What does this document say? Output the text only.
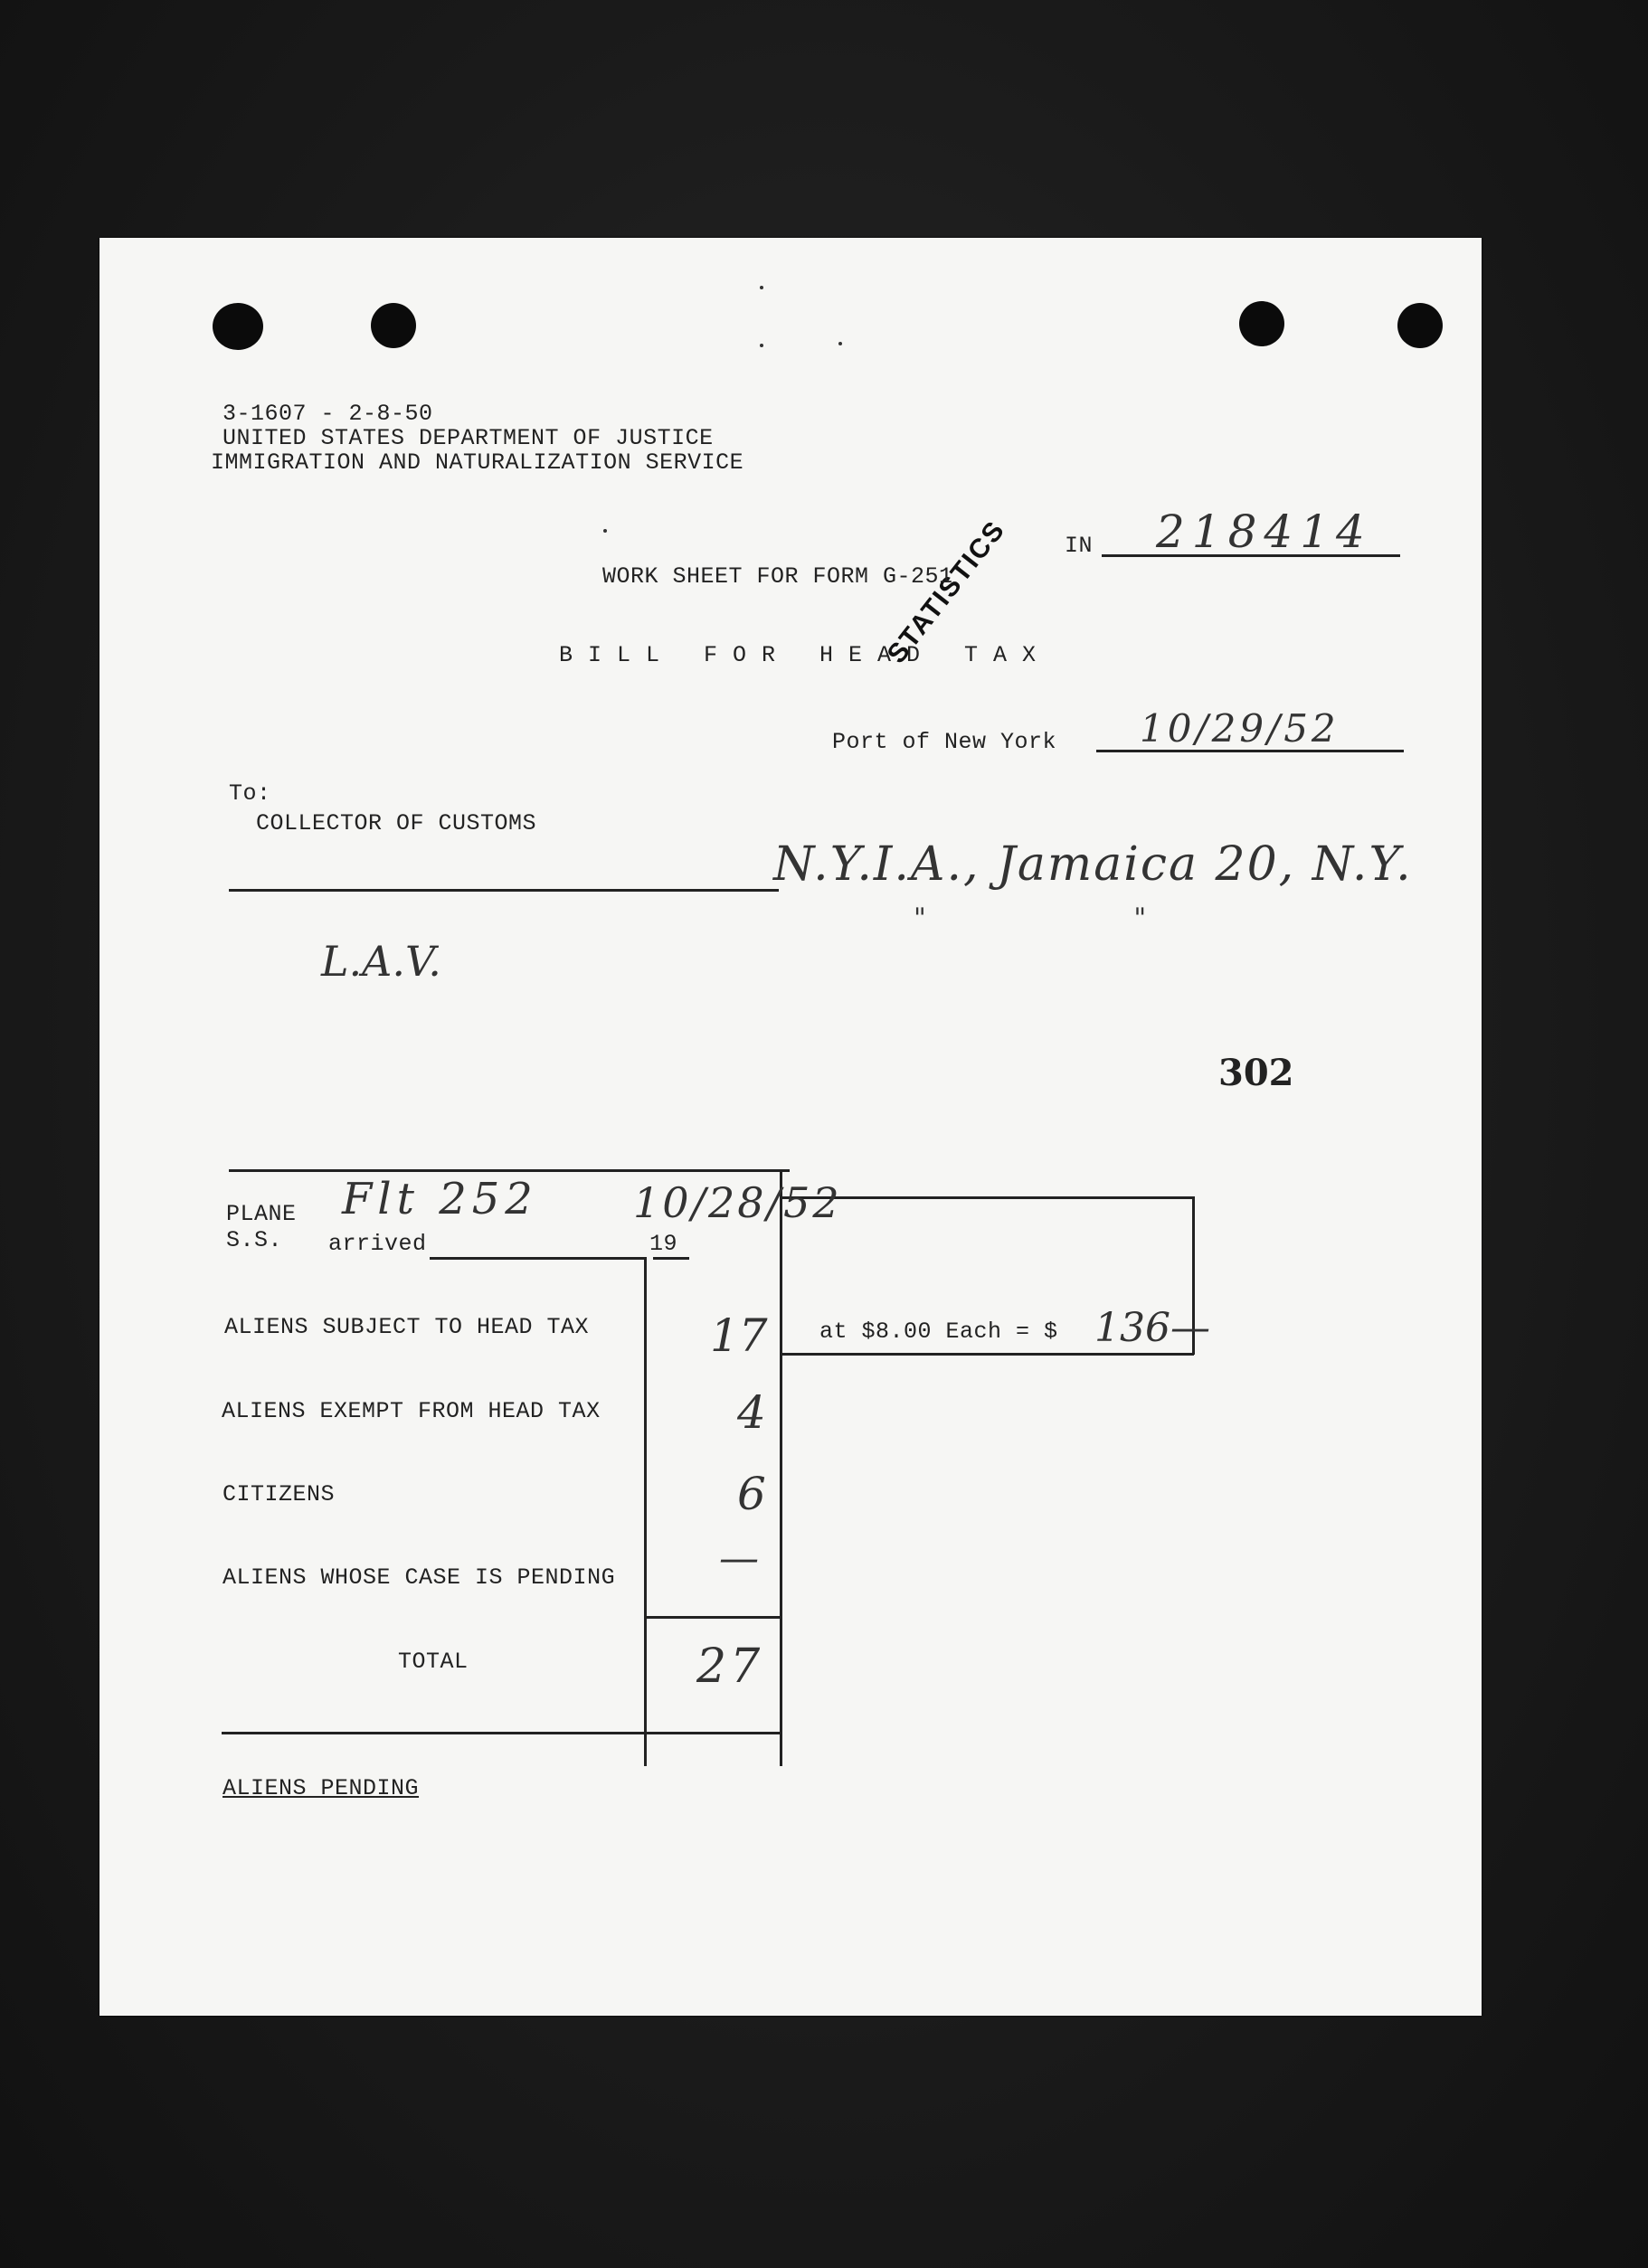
3-1607 - 2-8-50
UNITED STATES DEPARTMENT OF JUSTICE
IMMIGRATION AND NATURALIZATION SERVICE
STATISTICS IN 218414
WORK SHEET FOR FORM G-251
BILL FOR HEAD TAX
Port of New York 10/29/52
To:
COLLECTOR OF CUSTOMS
N.Y.I.A., Jamaica 20, N.Y.
" "
L.A.V.
302
PLANE
S.S. arrived	19
Flt 252 10/28/52
ALIENS SUBJECT TO HEAD TAX	17
ALIENS EXEMPT FROM HEAD TAX	4
CITIZENS	6
ALIENS WHOSE CASE IS PENDING	—
TOTAL	27
at $8.00 Each = $ 136—
ALIENS PENDING
